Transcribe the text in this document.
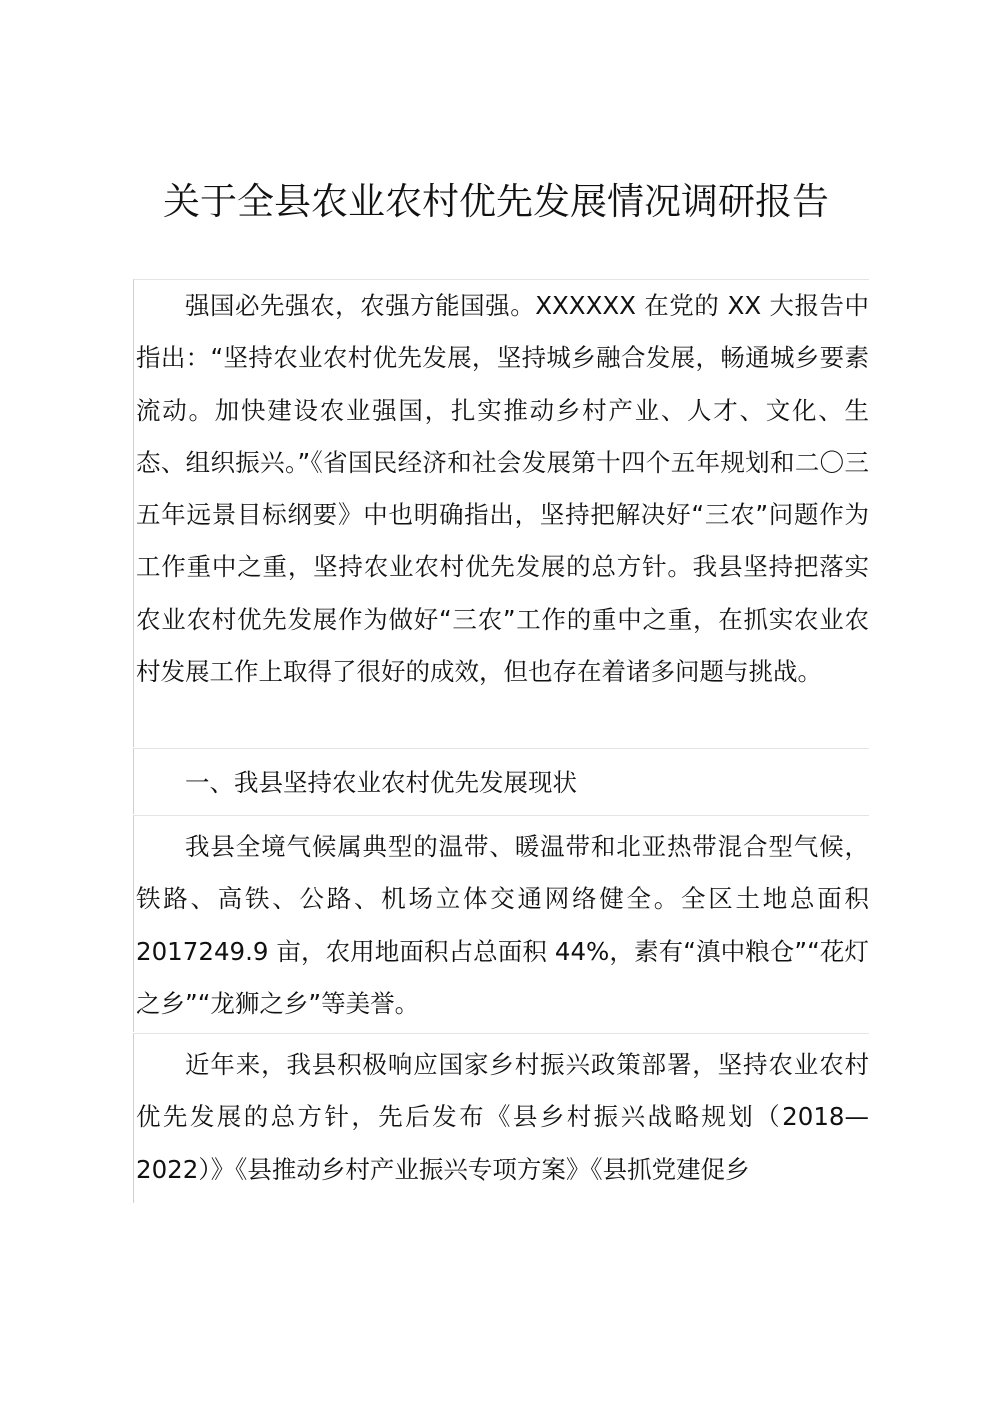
关于全县农业农村优先发展情况调研报告

强国必先强农，农强方能国强。XXXXXX 在党的 XX 大报告中指出：“坚持农业农村优先发展，坚持城乡融合发展，畅通城乡要素流动。加快建设农业强国，扎实推动乡村产业、人才、文化、生态、组织振兴。”《省国民经济和社会发展第十四个五年规划和二〇三五年远景目标纲要》中也明确指出，坚持把解决好“三农”问题作为工作重中之重，坚持农业农村优先发展的总方针。我县坚持把落实农业农村优先发展作为做好“三农”工作的重中之重，在抓实农业农村发展工作上取得了很好的成效，但也存在着诸多问题与挑战。

一、我县坚持农业农村优先发展现状

我县全境气候属典型的温带、暖温带和北亚热带混合型气候，铁路、高铁、公路、机场立体交通网络健全。全区土地总面积 2017249.9 亩，农用地面积占总面积 44%，素有“滇中粮仓”“花灯之乡”“龙狮之乡”等美誉。

近年来，我县积极响应国家乡村振兴政策部署，坚持农业农村优先发展的总方针，先后发布《县乡村振兴战略规划（2018—2022）》《县推动乡村产业振兴专项方案》《县抓党建促乡
